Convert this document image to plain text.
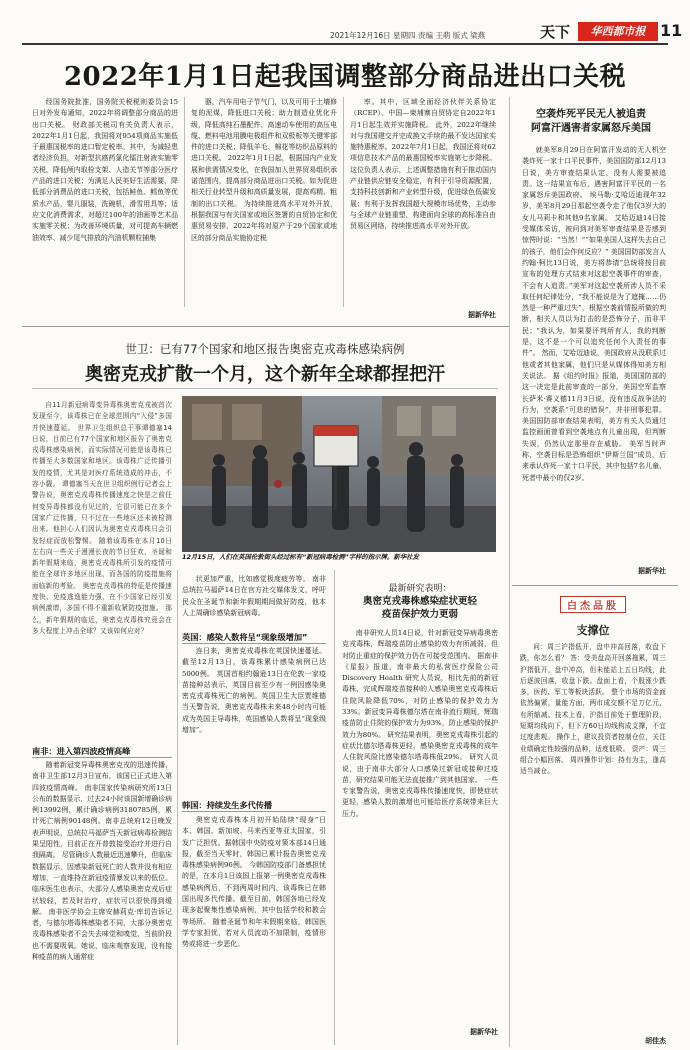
2021年12月16日 星期四 责编 王萌 版式 梁燕	天下	华西都市报 11
2022年1月1日起我国调整部分商品进出口关税

经国务院批准，国务院关税税则委员会15日对外发布通知，2022年将调整部分商品的进出口关税。 财政部关税司有关负责人表示，2022年1月1日起，我国将对954项商品实施低于最惠国税率的进口暂定税率。其中，为减轻患者经济负担，对新型抗癌药氯化镭注射液实施零关税，降低颅内取栓支架、人造关节等部分医疗产品的进口关税；为满足人民美好生活需要，降低部分消费品的进口关税，包括鲑鱼、鳕鱼等优质水产品，婴儿服装，洗碗机，滑雪用具等；适应文化消费需求，对超过100年的油画等艺术品实施零关税；为改善环境质量，对可提高车辆燃油效率、减少尾气排放的汽油机颗粒捕集

器，汽车用电子节气门，以及可用于土壤修复的泥煤，降低进口关税；助力制造业优化升级，降低高纯石墨配件、高速动车使用的高压电缆、燃料电池用膜电极组件和双极板等关键零部件的进口关税；降低羊毛、棉花等纺织品原料的进口关税。 2022年1月1日起，根据国内产业发展和供需情况变化，在我国加入世界贸易组织承诺范围内，提高部分商品进出口关税。如为促进相关行业转型升级和高质量发展，提高鸡精、粗制的出口关税。 为持续推进高水平对外开放，根据我国与有关国家或地区签署的自贸协定和优惠贸易安排，2022年将对原产于29个国家或地区的部分商品实施协定税

率。其中，区域全面经济伙伴关系协定（RCEP）、中国—柬埔寨自贸协定自2022年1月1日起生效并实施降税。 此外，2022年继续对与我国建交并完成换文手续的最不发达国家实施特惠税率。2022年7月1日起，我国还将对62项信息技术产品的最惠国税率实施第七步降税。 这位负责人表示，上述调整措施有利于推动国内产业链供应链安全稳定，有利于引导资源配置，支持科技创新和产业转型升级，促进绿色低碳发展；有利于发挥我国超大规模市场优势，主动参与全球产业链重塑，构建面向全球的高标准自由贸易区网络，持续推进高水平对外开放。

据新华社
空袭炸死平民无人被追责
阿富汗遇害者家属怒斥美国

就美军8月29日在阿富汗发动的无人机空袭炸死一家十口平民事件，美国国防部12月13日说，美方审查结果认定，没有人需要被追责。这一结果宣布后，遇害阿富汗平民的一名家属怒斥美国政府。 埃马勒·艾哈迈迪现年32岁，美军8月29日那起空袭令走了他仅3岁大的女儿马莉卡和其他9名家属。 艾哈迈迪14日接受媒体采访，被问到对美军审查结果是否感到惊愕时说：“当然！”“如果美国人这样失去自己的孩子，他们会作何反应？” 美国国防部发言人约翰·柯比13日说，美方将恭请“总统将按目前宣布的处理方式结束对这起空袭事件的审查，不会有人追责。”美军对这起空袭所涉人员不采取任何纪律处分，“我不能说是为了遮掩……仍然是一种严重过失”，根据空袭前情报所做的判断，相关人员以为打击的是恐怖分子，而非平民；“我认为，如果要评判所有人，我的判断是，这不是一个可以追究任何个人责任的事件”。 然而，艾哈迈迪说，美国政府从没联系过他或者其他家属，他们只是从媒体得知美方相关说法。 据《纽约时报》报道，美国国防部的这一决定是此前审查的一部分，美国空军监察长萨米·赛义德11月3日说，没有违反战争法的行为，空袭系“可悲的错误”，并非刑事犯罪。 美国国防部审查结果表明，美方有关人员通过监控画面曾看到空袭地点有儿童出现，但判断失误，仍然认定那里存在威胁。 美军当时声称，空袭目标是恐怖组织“伊斯兰国”成员，后来承认炸死一家十口平民，其中包括7名儿童，死者中最小的仅2岁。

据新华社
世卫：已有77个国家和地区报告奥密克戎毒株感染病例
奥密克戎扩散一个月，这个新年全球都捏把汗

自11月新冠病毒变异毒株奥密克戎被首次发现至今，该毒株已在全球范围内“入侵”多国并快速蔓延。 世界卫生组织总干事谭德塞14日说，目前已有77个国家和地区报告了奥密克戎毒株感染病例，而实际情况可能是该毒株已传播至大多数国家和地区。该毒株广泛传播引发的疫情，尤其是对医疗系统造成的冲击，不容小觑。 谭德塞当天在世卫组织例行记者会上警告说，奥密克戎毒株传播速度之快是之前任何变异毒株都没有见过的，它很可能已在多个国家广泛传播，只不过在一些地区还未被检测出来。他担心人们因认为奥密克戎毒株只会引发轻症而放松警惕。 随着该毒株在本月10日左右向一些关于漫漫长夜的节日狂欢，圣诞和新年假期来临，奥密克戎毒株所引发的疫情可能在全球许多地区出现，而各国的防疫措施将面临新的考验。 奥密克戎毒株的特征是传播速度快、免疫逃逸能力强，在不少国家已经引发病例激增，多国不得不重新收紧防疫措施。 那么，新年假期的临近，奥密克戎毒株究竟会在多大程度上冲击全球？又该如何应对？

12月15日，人们在英国伦敦街头经过标有“新冠病毒检测”字样的指示牌。新华社发
南非：进入第四波疫情高峰

随着新冠变异毒株奥密克戎的迅速传播，南非卫生部12月3日宣布，该国已正式进入第四波疫情高峰。 南非国家传染病研究所13日公布的数据显示，过去24小时该国新增确诊病例13992例，累计确诊病例3180785例，累计死亡病例90148例。南非总统府12日晚发表声明说，总统拉马福萨当天新冠病毒检测结果呈阳性，目前正在开普敦接受治疗并进行自我隔离。 尽管确诊人数最近迅速攀升，但临床数据显示，因感染新冠死亡的人数并没有相应增加，一直维持在新冠疫情暴发以来的低位。临床医生也表示，大部分人感染奥密克戎后症状较轻，若及时治疗，症状可以很快得到缓解。 南非医学协会主席安赫莉克·库切告诉记者，与德尔塔毒株感染者不同，大部分奥密克戎毒株感染者不会失去味觉和嗅觉，当前阶段也不需要吸氧。她说，临床观察发现，没有接种疫苗的病人通常症

状更加严重，比如感觉极度疲劳等。 南非总统拉马福萨14日在官方社交媒体发文，呼吁民众在圣诞节和新年假期期间做好防疫，他本人上周确诊感染新冠病毒。

英国：感染人数将呈“现象级增加”

连日来，奥密克戎毒株在英国快速蔓延。截至12月13日，该毒株累计感染病例已达5000例。 英国首相约翰逊13日在伦敦一家疫苗接种站表示，英国目前至少有一例因感染奥密克戎毒株死亡的病例。英国卫生大臣贾维德当天警告说，奥密克戎毒株未来48小时内可能成为英国主导毒株，英国感染人数将呈“现象级增加”。

韩国：持续发生多代传播

奥密克戎毒株本月初开始陆续“现身”日本、韩国、新加坡、马来西亚等亚太国家，引发广泛担忧。据韩国中央防疫对策本部14日通报，截至当天零时，韩国已累计报告奥密克戎毒株感染病例96例。 今韩国防疫部门备感担忧的是，在本月1日该国上报第一例奥密克戎毒株感染病例后，不到两周时间内，该毒株已在韩国出现多代传播。截至目前，韩国各地已经发现多起聚集性感染病例，其中包括学校和教会等场所。 随着圣诞节和年末假期来临，韩国医学专家担忧，若对人员流动不加限制，疫情形势或将进一步恶化。

最新研究表明：
奥密克戎毒株感染症状更轻
疫苗保护效力更弱

南非研究人员14日说，针对新冠变异病毒奥密克戎毒株，辉瑞疫苗防止感染的效力有所减弱，但对防止重症的保护效力仍在可接受范围内。 据南非《星报》报道，南非最大的私营医疗保险公司 Discovery Health 研究人员说，相比先前的新冠毒株，完成辉瑞疫苗接种的人感染奥密克戎毒株后住院风险降低70%，对防止感染的保护效力为33%。新冠变异毒株德尔塔在南非流行期间，辉瑞疫苗防止住院的保护效力为93%，防止感染的保护效力为80%。 研究结果表明，奥密克戎毒株引起的症状比德尔塔毒株更轻，感染奥密克戎毒株的成年人住院风险比感染德尔塔毒株低29%。 研究人员说，由于南非大部分人口感染过新冠或接种过疫苗，研究结果可能无法直接推广到其他国家。 一些专家警告说，奥密克戎毒株传播速度快，即使症状更轻，感染人数的激增也可能给医疗系统带来巨大压力。

据新华社
白杰品股
支撑位

问：周三沪指低开，盘中冲高回落，收盘下跌，你怎么看？ 答：受美盘高开回落拖累，周三沪指低开，盘中冲高，但未能站上五日均线，此后逐波回落，收盘下跌。盘面上看，个股涨少跌多，医药、军工等板块活跃。 整个市场的资金面依然偏紧，量能方面，两市成交额不足万亿元，有所缩减。技术上看，沪指目前处于整理阶段，短期均线向下，但下方60日均线构成支撑，不宜过度悲观。 操作上，建议投资者控制仓位，关注业绩确定性较强的品种，适度低吸。 资产：周三组合小幅回落。 周四操作计划：持有为主，逢高适当减仓。

胡佳杰
